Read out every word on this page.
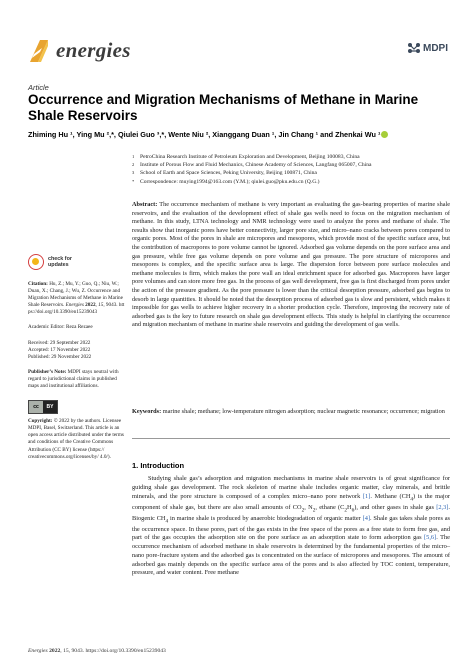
energies	MDPI
Article
Occurrence and Migration Mechanisms of Methane in Marine Shale Reservoirs
Zhiming Hu ¹, Ying Mu ²,*, Qiulei Guo ³,*, Wente Niu ², Xianggang Duan ¹, Jin Chang ¹ and Zhenkai Wu ¹
1	PetroChina Research Institute of Petroleum Exploration and Development, Beijing 100083, China
2	Institute of Porous Flow and Fluid Mechanics, Chinese Academy of Sciences, Langfang 065007, China
3	School of Earth and Space Sciences, Peking University, Beijing 100871, China
*	Correspondence: muying1994@163.com (Y.M.); qiulei.guo@pku.edu.cn (Q.G.)
Abstract: The occurrence mechanism of methane is very important as evaluating the gas-bearing properties of marine shale reservoirs, and the evaluation of the development effect of shale gas wells need to focus on the migration mechanism of methane. In this study, LTNA technology and NMR technology were used to analyze the pores and methane of shale. The results show that inorganic pores have better connectivity, larger pore size, and micro–nano cracks between pores compared to organic pores. Most of the pores in shale are micropores and mesopores, which provide most of the specific surface area, but the contribution of macropores to pore volume cannot be ignored. Adsorbed gas volume depends on the pore surface area and gas pressure, while free gas volume depends on pore volume and gas pressure. The pore structure of micropores and mesopores is complex, and the specific surface area is large. The dispersion force between pore surface molecules and methane molecules is firm, which makes the pore wall an ideal enrichment space for adsorbed gas. Macropores have larger pore volumes and can store more free gas. In the process of gas well development, free gas is first discharged from pores under the action of the pressure gradient. As the pore pressure is lower than the critical desorption pressure, adsorbed gas begins to desorb in large quantities. It should be noted that the desorption process of adsorbed gas is slow and persistent, which makes it impossible for gas wells to achieve higher recovery in a shorter production cycle. Therefore, improving the recovery rate of adsorbed gas is the key to future research on shale gas development effects. This study is helpful in clarifying the occurrence and migration mechanism of methane in marine shale reservoirs and guiding the development of gas wells.
Keywords: marine shale; methane; low-temperature nitrogen adsorption; nuclear magnetic resonance; occurrence; migration
1. Introduction
check for
updates
Citation: Hu, Z.; Mu, Y.; Guo, Q.; Niu, W.; Duan, X.; Chang, J.; Wu, Z. Occurrence and Migration Mechanisms of Methane in Marine Shale Reservoirs. Energies 2022, 15, 9043. https://doi.org/10.3390/en15239043
Academic Editor: Reza Rezaee
Received: 29 September 2022
Accepted: 17 November 2022
Published: 29 November 2022
Publisher’s Note: MDPI stays neutral with regard to jurisdictional claims in published maps and institutional affiliations.
cc	BY
Copyright: © 2022 by the authors. Licensee MDPI, Basel, Switzerland. This article is an open access article distributed under the terms and conditions of the Creative Commons Attribution (CC BY) license (https:// creativecommons.org/licenses/by/ 4.0/).
Studying shale gas’s adsorption and migration mechanisms in marine shale reservoirs is of great significance for guiding shale gas development. The rock skeleton of marine shale includes organic matter, clay minerals, and brittle minerals, and the pore structure is composed of a complex micro–nano pore network [1]. Methane $(CH_4)$ is the major component of shale gas, but there are also small amounts of $CO_2$, $N_2$, ethane $(C_2H_6)$, and other gases in shale gas [2,3]. Biogenic $CH_4$ in marine shale is produced by anaerobic biodegradation of organic matter [4]. Shale gas takes shale pores as the occurrence space. In these pores, part of the gas exists in the free space of the pores as a free state to form free gas, and part of the gas occupies the adsorption site on the pore surface as an adsorption state to form adsorption gas [5,6]. The occurrence mechanism of adsorbed methane in shale reservoirs is determined by the fundamental properties of the micro–nano pore-fracture system and the adsorbed gas is concentrated on the surface of micropores and mesopores. The amount of adsorbed gas mainly depends on the specific surface area of the pores and is also affected by TOC content, temperature, pressure, and water content. Free methane
Energies 2022, 15, 9043. https://doi.org/10.3390/en15239043
